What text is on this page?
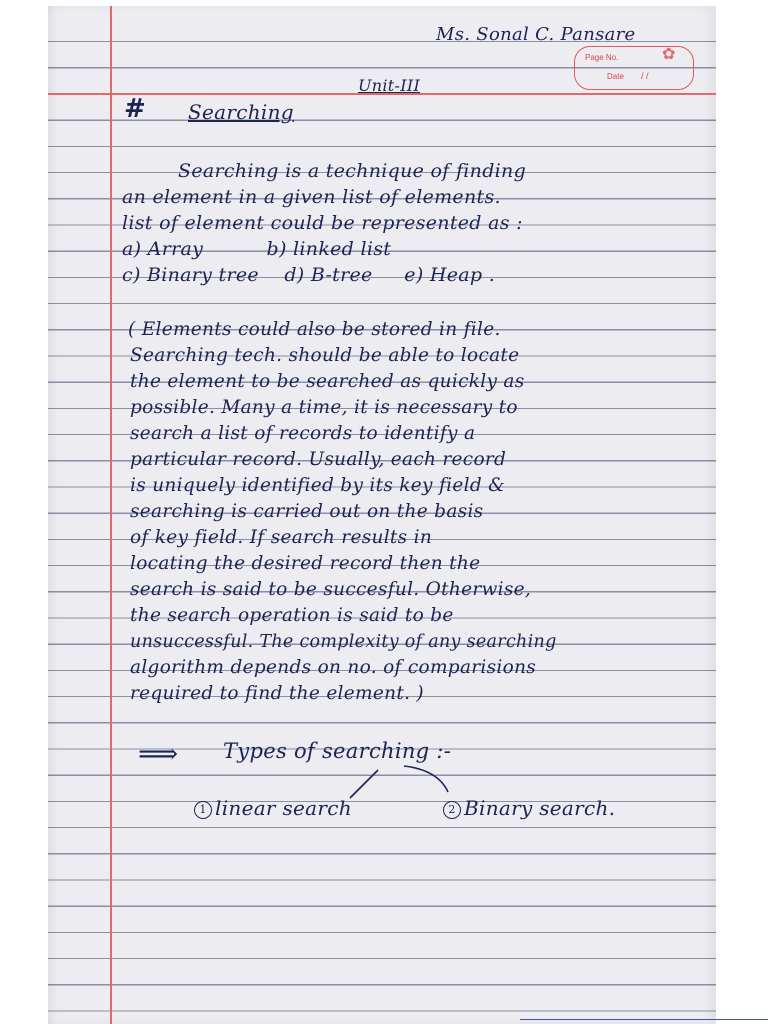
Ms. Sonal C. Pansare
Page No.
Date / /
✿
Unit-III
# Searching
Searching is a technique of finding
an element in a given list of elements.
list of element could be represented as :
a) Array          b) linked list
c) Binary tree    d) B-tree     e) Heap .
( Elements could also be stored in file.
Searching tech. should be able to locate
the element to be searched as quickly as
possible. Many a time, it is necessary to
search a list of records to identify a
particular record. Usually, each record
is uniquely identified by its key field &
searching is carried out on the basis
of key field. If search results in
locating the desired record then the
search is said to be succesful. Otherwise,
the search operation is said to be
unsuccessful. The complexity of any searching
algorithm depends on no. of comparisions
required to find the element. )
⟹ Types of searching :-
1 linear search	2 Binary search.
